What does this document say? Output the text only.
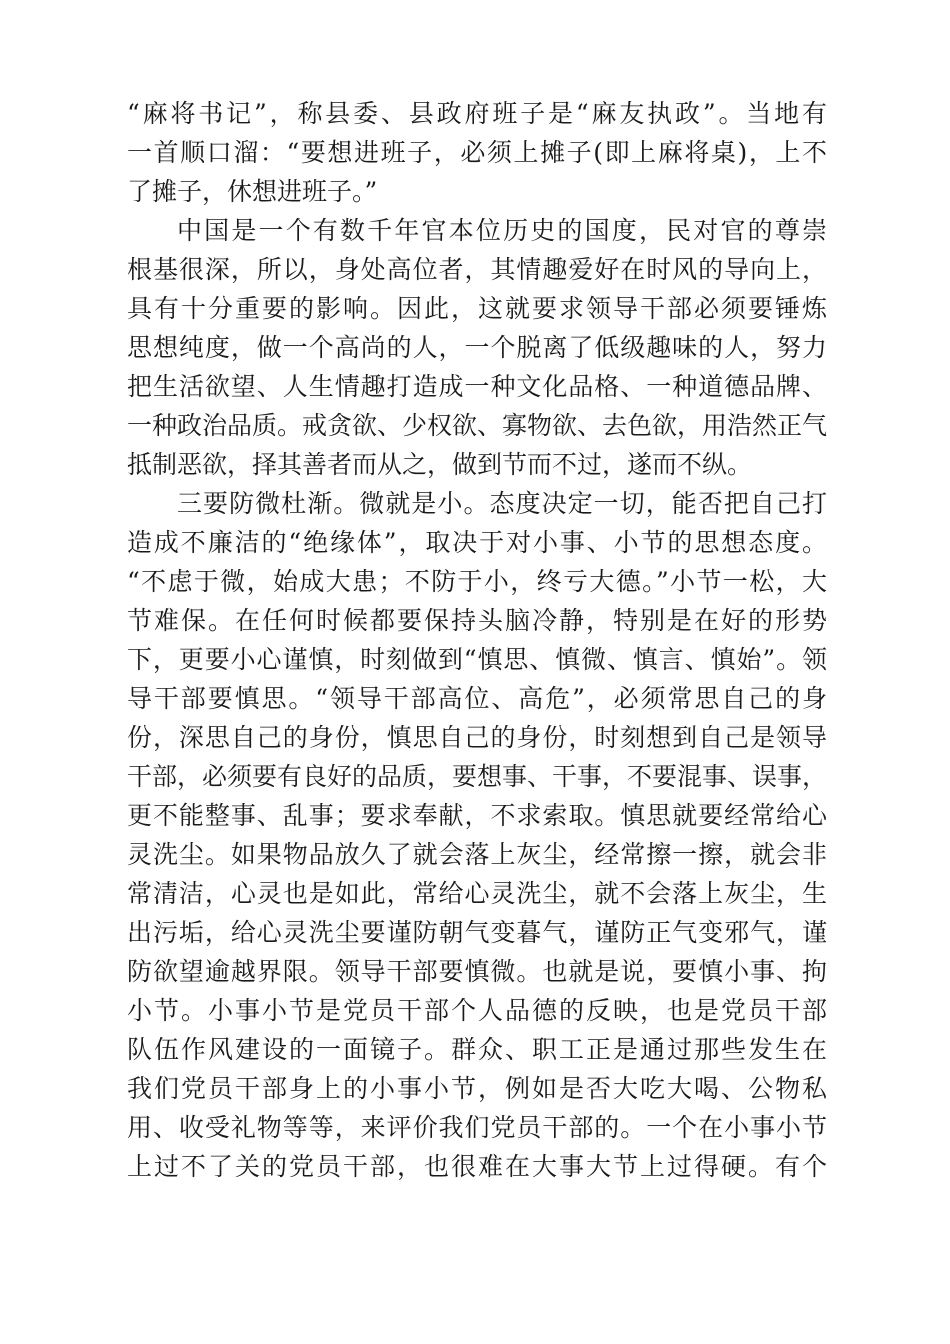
“麻将书记”，称县委、县政府班子是“麻友执政”。当地有
一首顺口溜：“要想进班子，必须上摊子(即上麻将桌)，上不
了摊子，休想进班子。”
中国是一个有数千年官本位历史的国度，民对官的尊崇
根基很深，所以，身处高位者，其情趣爱好在时风的导向上，
具有十分重要的影响。因此，这就要求领导干部必须要锤炼
思想纯度，做一个高尚的人，一个脱离了低级趣味的人，努力
把生活欲望、人生情趣打造成一种文化品格、一种道德品牌、
一种政治品质。戒贪欲、少权欲、寡物欲、去色欲，用浩然正气
抵制恶欲，择其善者而从之，做到节而不过，遂而不纵。
三要防微杜渐。微就是小。态度决定一切，能否把自己打
造成不廉洁的“绝缘体”，取决于对小事、小节的思想态度。
“不虑于微，始成大患；不防于小，终亏大德。”小节一松，大
节难保。在任何时候都要保持头脑冷静，特别是在好的形势
下，更要小心谨慎，时刻做到“慎思、慎微、慎言、慎始”。领
导干部要慎思。“领导干部高位、高危”，必须常思自己的身
份，深思自己的身份，慎思自己的身份，时刻想到自己是领导
干部，必须要有良好的品质，要想事、干事，不要混事、误事，
更不能整事、乱事；要求奉献，不求索取。慎思就要经常给心
灵洗尘。如果物品放久了就会落上灰尘，经常擦一擦，就会非
常清洁，心灵也是如此，常给心灵洗尘，就不会落上灰尘，生
出污垢，给心灵洗尘要谨防朝气变暮气，谨防正气变邪气，谨
防欲望逾越界限。领导干部要慎微。也就是说，要慎小事、拘
小节。小事小节是党员干部个人品德的反映，也是党员干部
队伍作风建设的一面镜子。群众、职工正是通过那些发生在
我们党员干部身上的小事小节，例如是否大吃大喝、公物私
用、收受礼物等等，来评价我们党员干部的。一个在小事小节
上过不了关的党员干部，也很难在大事大节上过得硬。有个
